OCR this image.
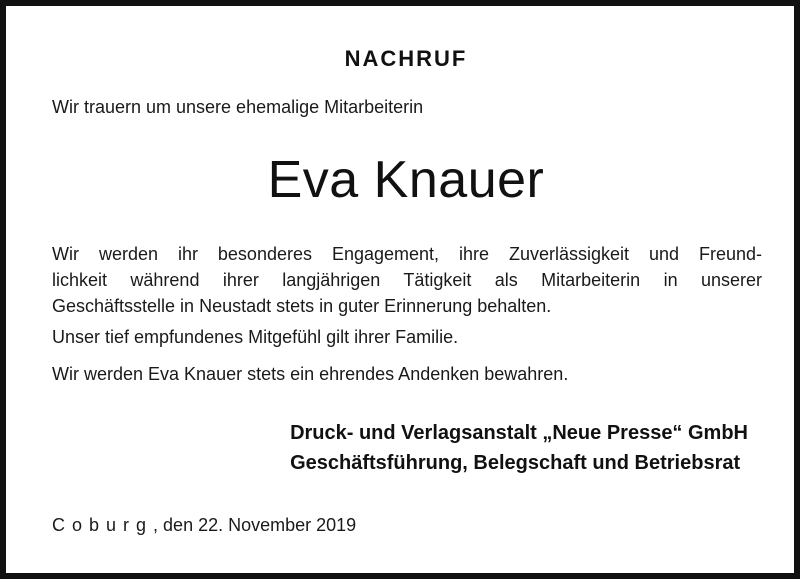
NACHRUF
Wir trauern um unsere ehemalige Mitarbeiterin
Eva Knauer
Wir werden ihr besonderes Engagement, ihre Zuverlässigkeit und Freund-
lichkeit während ihrer langjährigen Tätigkeit als Mitarbeiterin in unserer
Geschäftsstelle in Neustadt stets in guter Erinnerung behalten.
Unser tief empfundenes Mitgefühl gilt ihrer Familie.
Wir werden Eva Knauer stets ein ehrendes Andenken bewahren.
Druck- und Verlagsanstalt „Neue Presse“ GmbH
Geschäftsführung, Belegschaft und Betriebsrat
Coburg, den 22. November 2019
